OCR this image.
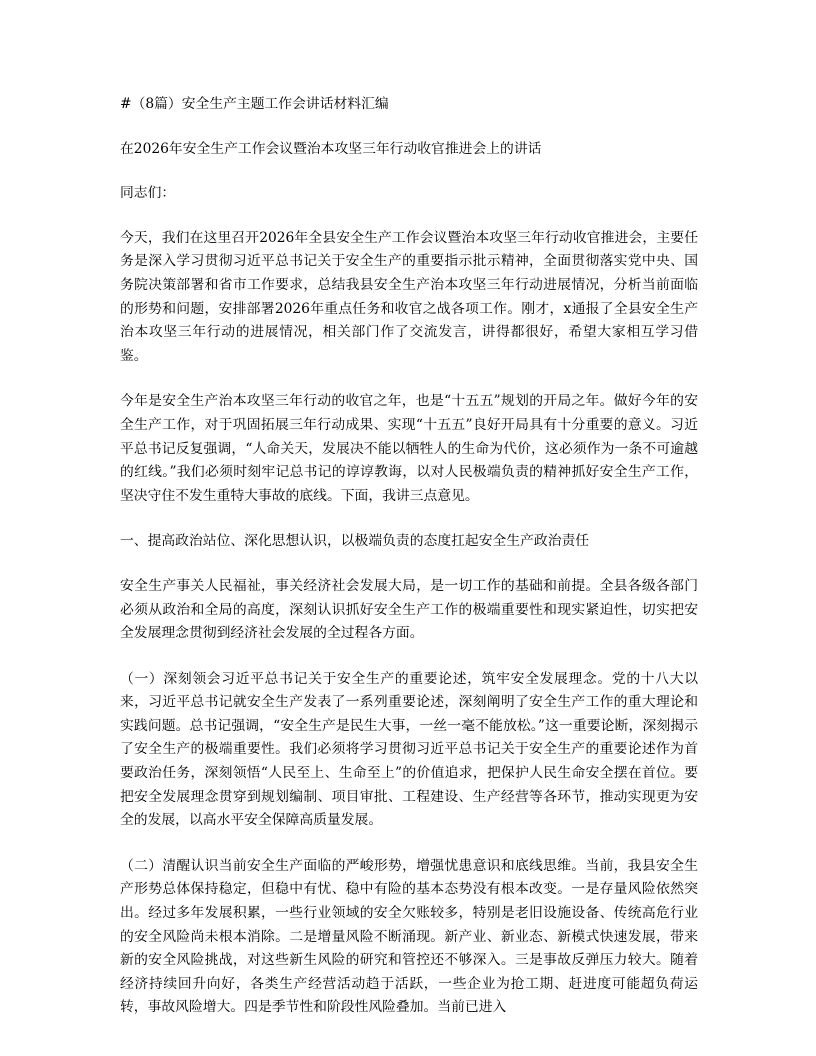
#（8篇）安全生产主题工作会讲话材料汇编

在2026年安全生产工作会议暨治本攻坚三年行动收官推进会上的讲话

同志们：

今天，我们在这里召开2026年全县安全生产工作会议暨治本攻坚三年行动收官推进会，主要任务是深入学习贯彻习近平总书记关于安全生产的重要指示批示精神，全面贯彻落实党中央、国务院决策部署和省市工作要求，总结我县安全生产治本攻坚三年行动进展情况，分析当前面临的形势和问题，安排部署2026年重点任务和收官之战各项工作。刚才，x通报了全县安全生产治本攻坚三年行动的进展情况，相关部门作了交流发言，讲得都很好，希望大家相互学习借鉴。

今年是安全生产治本攻坚三年行动的收官之年，也是“十五五”规划的开局之年。做好今年的安全生产工作，对于巩固拓展三年行动成果、实现“十五五”良好开局具有十分重要的意义。习近平总书记反复强调，“人命关天，发展决不能以牺牲人的生命为代价，这必须作为一条不可逾越的红线。”我们必须时刻牢记总书记的谆谆教诲，以对人民极端负责的精神抓好安全生产工作，坚决守住不发生重特大事故的底线。下面，我讲三点意见。

一、提高政治站位、深化思想认识，以极端负责的态度扛起安全生产政治责任

安全生产事关人民福祉，事关经济社会发展大局，是一切工作的基础和前提。全县各级各部门必须从政治和全局的高度，深刻认识抓好安全生产工作的极端重要性和现实紧迫性，切实把安全发展理念贯彻到经济社会发展的全过程各方面。

（一）深刻领会习近平总书记关于安全生产的重要论述，筑牢安全发展理念。党的十八大以来，习近平总书记就安全生产发表了一系列重要论述，深刻阐明了安全生产工作的重大理论和实践问题。总书记强调，“安全生产是民生大事，一丝一毫不能放松。”这一重要论断，深刻揭示了安全生产的极端重要性。我们必须将学习贯彻习近平总书记关于安全生产的重要论述作为首要政治任务，深刻领悟“人民至上、生命至上”的价值追求，把保护人民生命安全摆在首位。要把安全发展理念贯穿到规划编制、项目审批、工程建设、生产经营等各环节，推动实现更为安全的发展，以高水平安全保障高质量发展。

（二）清醒认识当前安全生产面临的严峻形势，增强忧患意识和底线思维。当前，我县安全生产形势总体保持稳定，但稳中有忧、稳中有险的基本态势没有根本改变。一是存量风险依然突出。经过多年发展积累，一些行业领域的安全欠账较多，特别是老旧设施设备、传统高危行业的安全风险尚未根本消除。二是增量风险不断涌现。新产业、新业态、新模式快速发展，带来新的安全风险挑战，对这些新生风险的研究和管控还不够深入。三是事故反弹压力较大。随着经济持续回升向好，各类生产经营活动趋于活跃，一些企业为抢工期、赶进度可能超负荷运转，事故风险增大。四是季节性和阶段性风险叠加。当前已进入
